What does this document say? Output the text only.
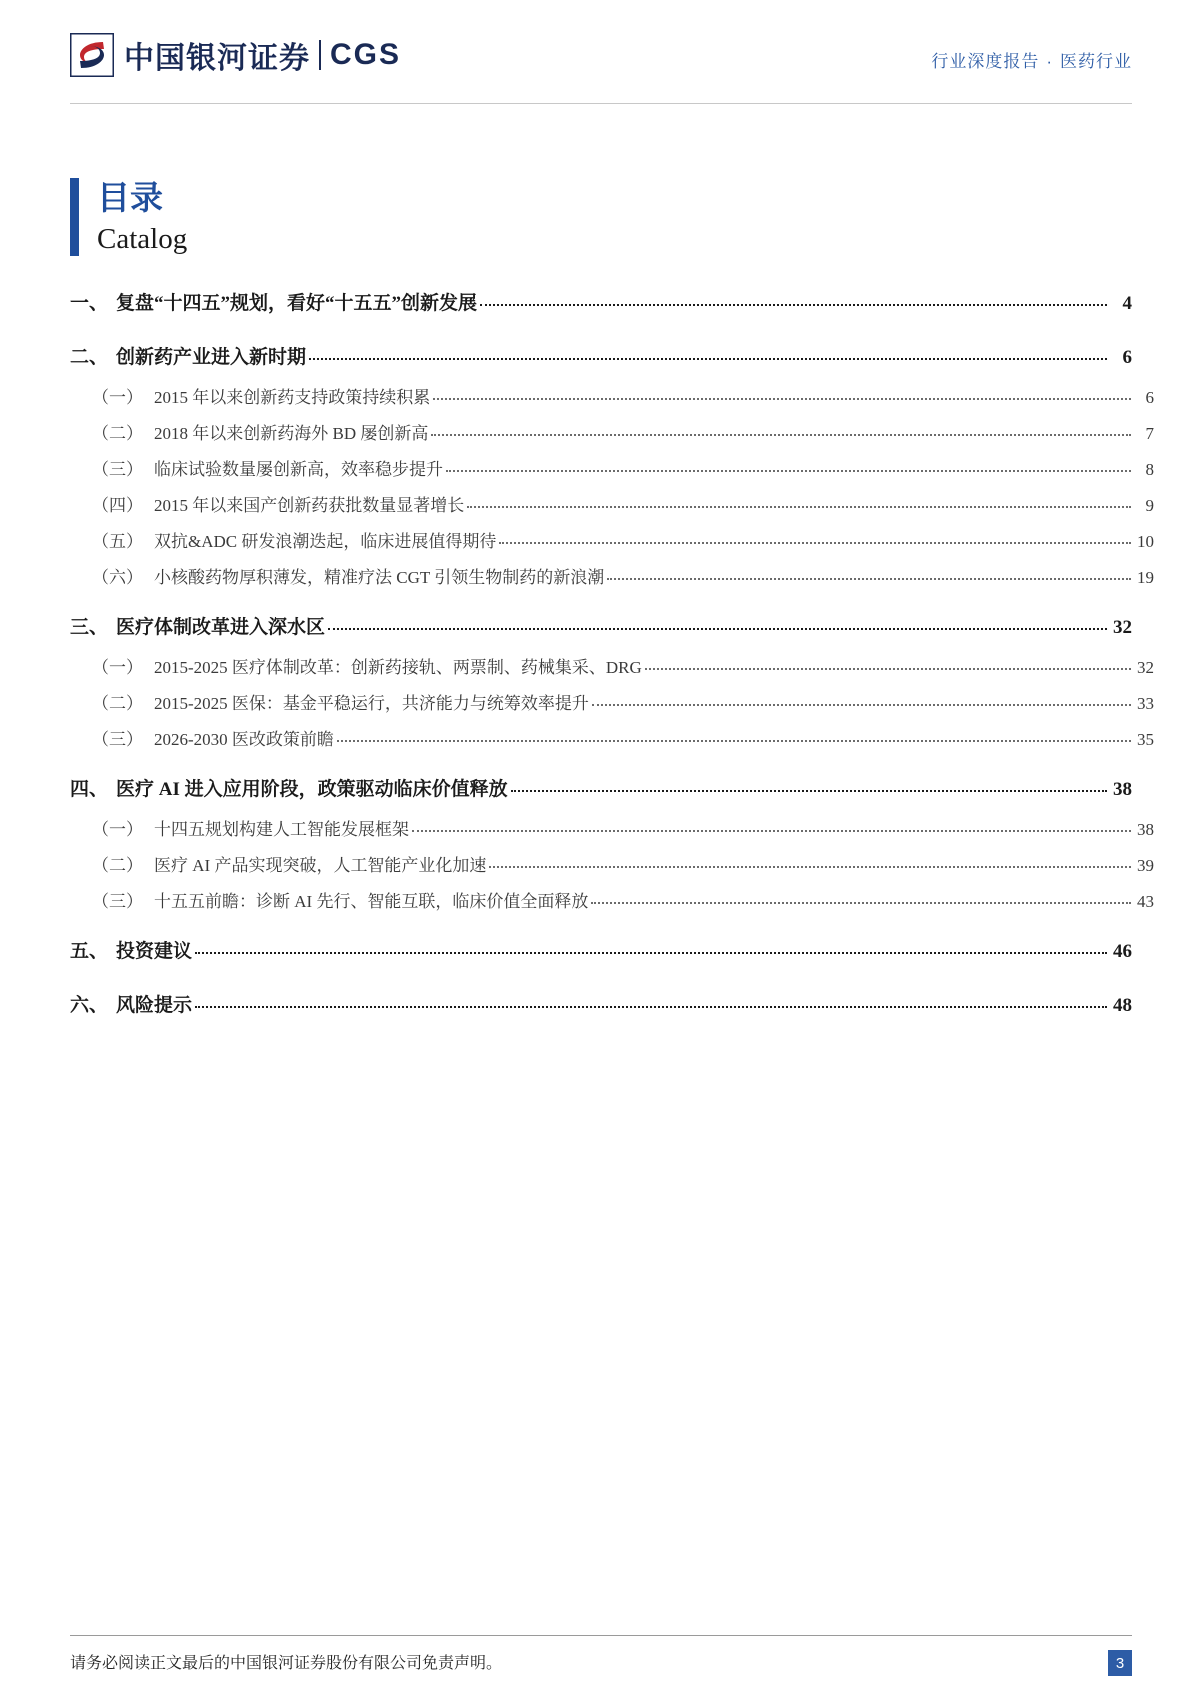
中国银河证券 CGS	行业深度报告 · 医药行业
目录
Catalog
一、 复盘“十四五”规划，看好“十五五”创新发展	4
二、 创新药产业进入新时期	6
（一） 2015 年以来创新药支持政策持续积累	6
（二） 2018 年以来创新药海外 BD 屡创新高	7
（三） 临床试验数量屡创新高，效率稳步提升	8
（四） 2015 年以来国产创新药获批数量显著增长	9
（五） 双抗&ADC 研发浪潮迭起，临床进展值得期待	10
（六） 小核酸药物厚积薄发，精准疗法 CGT 引领生物制药的新浪潮	19
三、 医疗体制改革进入深水区	32
（一） 2015-2025 医疗体制改革：创新药接轨、两票制、药械集采、DRG	32
（二） 2015-2025 医保：基金平稳运行，共济能力与统筹效率提升	33
（三） 2026-2030 医改政策前瞻	35
四、 医疗 AI 进入应用阶段，政策驱动临床价值释放	38
（一） 十四五规划构建人工智能发展框架	38
（二） 医疗 AI 产品实现突破，人工智能产业化加速	39
（三） 十五五前瞻：诊断 AI 先行、智能互联，临床价值全面释放	43
五、 投资建议	46
六、 风险提示	48
请务必阅读正文最后的中国银河证券股份有限公司免责声明。	3
